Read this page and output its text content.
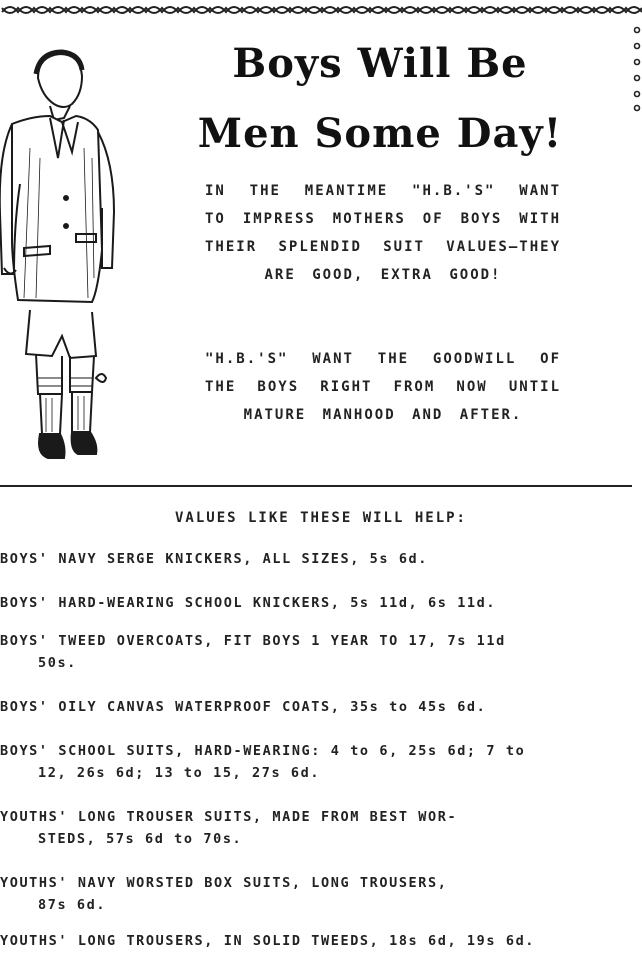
Boys Will Be
Men Some Day!
IN THE MEANTIME "H.B.'S" WANT TO IMPRESS MOTHERS OF BOYS WITH THEIR SPLENDID SUIT VALUES—THEY ARE GOOD, EXTRA GOOD!
"H.B.'S" WANT THE GOODWILL OF THE BOYS RIGHT FROM NOW UNTIL MATURE MANHOOD AND AFTER.
VALUES LIKE THESE WILL HELP:
BOYS' NAVY SERGE KNICKERS, ALL SIZES, 5s 6d.
BOYS' HARD-WEARING SCHOOL KNICKERS, 5s 11d, 6s 11d.
BOYS' TWEED OVERCOATS, FIT BOYS 1 YEAR TO 17, 7s 11d
50s.
BOYS' OILY CANVAS WATERPROOF COATS, 35s to 45s 6d.
BOYS' SCHOOL SUITS, HARD-WEARING: 4 to 6, 25s 6d; 7 to
12, 26s 6d; 13 to 15, 27s 6d.
YOUTHS' LONG TROUSER SUITS, MADE FROM BEST WOR-
STEDS, 57s 6d to 70s.
YOUTHS' NAVY WORSTED BOX SUITS, LONG TROUSERS,
87s 6d.
YOUTHS' LONG TROUSERS, IN SOLID TWEEDS, 18s 6d, 19s 6d.
